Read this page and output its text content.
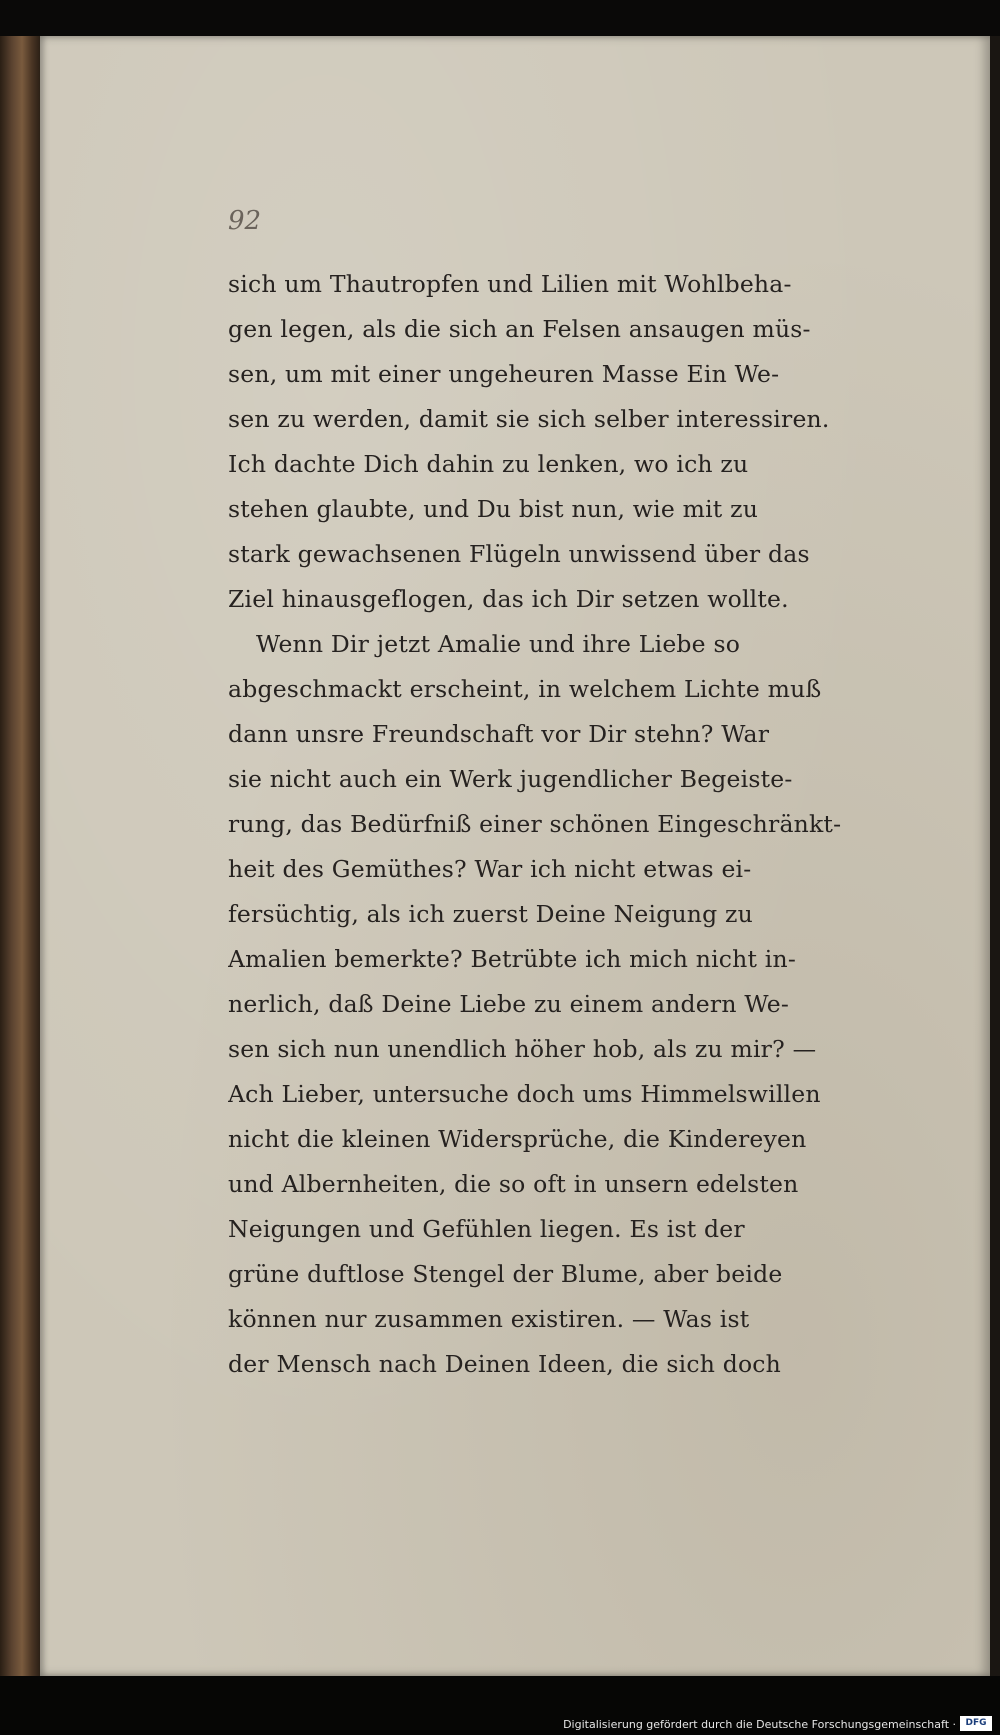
92
sich um Thautropfen und Lilien mit Wohlbeha-
gen legen, als die sich an Felsen ansaugen müs-
sen, um mit einer ungeheuren Masse Ein We-
sen zu werden, damit sie sich selber interessiren.
Ich dachte Dich dahin zu lenken, wo ich zu
stehen glaubte, und Du bist nun, wie mit zu
stark gewachsenen Flügeln unwissend über das
Ziel hinausgeflogen, das ich Dir setzen wollte.
Wenn Dir jetzt Amalie und ihre Liebe so
abgeschmackt erscheint, in welchem Lichte muß
dann unsre Freundschaft vor Dir stehn? War
sie nicht auch ein Werk jugendlicher Begeiste-
rung, das Bedürfniß einer schönen Eingeschränkt-
heit des Gemüthes? War ich nicht etwas ei-
fersüchtig, als ich zuerst Deine Neigung zu
Amalien bemerkte? Betrübte ich mich nicht in-
nerlich, daß Deine Liebe zu einem andern We-
sen sich nun unendlich höher hob, als zu mir? —
Ach Lieber, untersuche doch ums Himmelswillen
nicht die kleinen Widersprüche, die Kindereyen
und Albernheiten, die so oft in unsern edelsten
Neigungen und Gefühlen liegen. Es ist der
grüne duftlose Stengel der Blume, aber beide
können nur zusammen existiren. — Was ist
der Mensch nach Deinen Ideen, die sich doch
Digitalisierung gefördert durch die Deutsche Forschungsgemeinschaft ·	DFG
